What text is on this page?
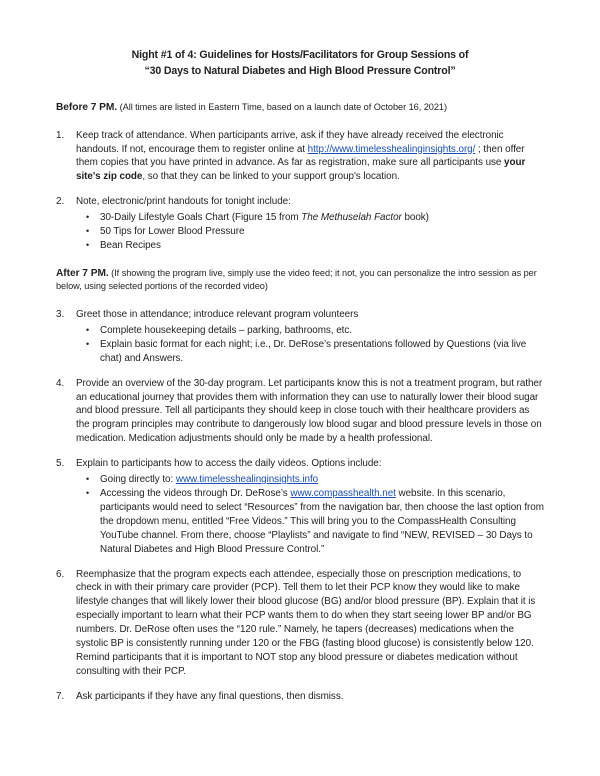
Night #1 of 4: Guidelines for Hosts/Facilitators for Group Sessions of
“30 Days to Natural Diabetes and High Blood Pressure Control”

Before 7 PM. (All times are listed in Eastern Time, based on a launch date of October 16, 2021)

1.	Keep track of attendance. When participants arrive, ask if they have already received the electronic handouts. If not, encourage them to register online at http://www.timelesshealinginsights.org/ ; then offer them copies that you have printed in advance. As far as registration, make sure all participants use your site's zip code, so that they can be linked to your support group's location.
2.	Note, electronic/print handouts for tonight include:
• 30-Daily Lifestyle Goals Chart (Figure 15 from The Methuselah Factor book)
• 50 Tips for Lower Blood Pressure
• Bean Recipes

After 7 PM. (If showing the program live, simply use the video feed; it not, you can personalize the intro session as per below, using selected portions of the recorded video)

3.	Greet those in attendance; introduce relevant program volunteers
• Complete housekeeping details – parking, bathrooms, etc.
• Explain basic format for each night; i.e., Dr. DeRose’s presentations followed by Questions (via live chat) and Answers.
4.	Provide an overview of the 30-day program. Let participants know this is not a treatment program, but rather an educational journey that provides them with information they can use to naturally lower their blood sugar and blood pressure. Tell all participants they should keep in close touch with their healthcare providers as the program principles may contribute to dangerously low blood sugar and blood pressure levels in those on medication. Medication adjustments should only be made by a health professional.
5.	Explain to participants how to access the daily videos. Options include:
• Going directly to: www.timelesshealinginsights.info
• Accessing the videos through Dr. DeRose’s www.compasshealth.net website. In this scenario, participants would need to select “Resources” from the navigation bar, then choose the last option from the dropdown menu, entitled “Free Videos.” This will bring you to the CompassHealth Consulting YouTube channel. From there, choose “Playlists” and navigate to find “NEW, REVISED – 30 Days to Natural Diabetes and High Blood Pressure Control.”
6.	Reemphasize that the program expects each attendee, especially those on prescription medications, to check in with their primary care provider (PCP). Tell them to let their PCP know they would like to make lifestyle changes that will likely lower their blood glucose (BG) and/or blood pressure (BP). Explain that it is especially important to learn what their PCP wants them to do when they start seeing lower BP and/or BG numbers. Dr. DeRose often uses the “120 rule.” Namely, he tapers (decreases) medications when the systolic BP is consistently running under 120 or the FBG (fasting blood glucose) is consistently below 120. Remind participants that it is important to NOT stop any blood pressure or diabetes medication without consulting with their PCP.
7.	Ask participants if they have any final questions, then dismiss.
